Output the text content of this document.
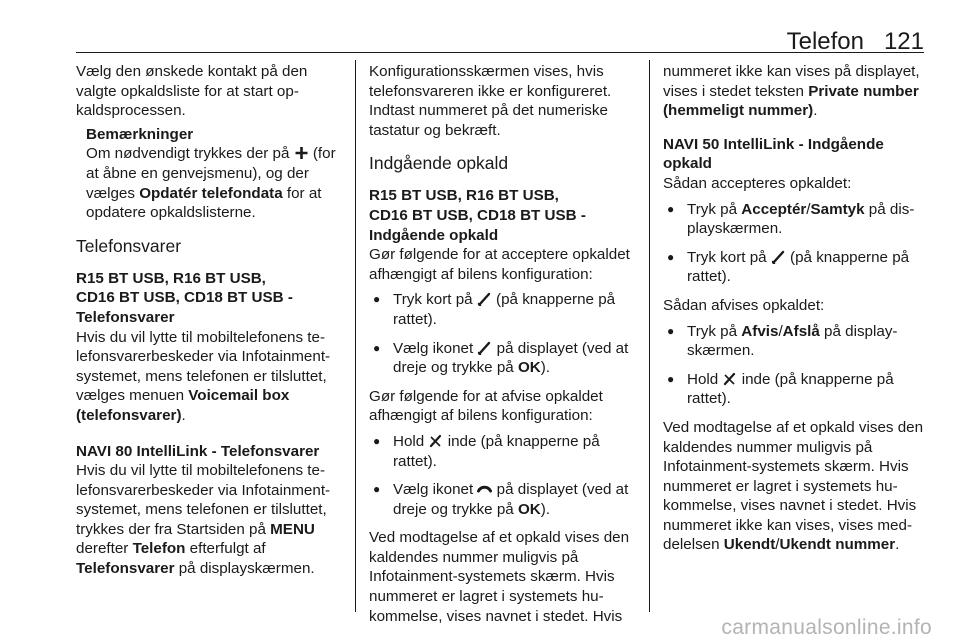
Telefon 121

Vælg den ønskede kontakt på den valgte opkaldsliste for at start opkaldsprocessen.

Bemærkninger
Om nødvendigt trykkes der på
(for at åbne en genvejsmenu), og der vælges Opdatér telefondata for at opdatere opkaldslisterne.
Telefonsvarer
R15 BT USB, R16 BT USB,
CD16 BT USB, CD18 BT USB -
Telefonsvarer

Hvis du vil lytte til mobiltelefonens telefonsvarerbeskeder via Infotainment-systemet, mens telefonen er tilsluttet, vælges menuen Voicemail box (telefonsvarer).

NAVI 80 IntelliLink - Telefonsvarer

Hvis du vil lytte til mobiltelefonens telefonsvarerbeskeder via Infotainment-systemet, mens telefonen er tilsluttet, trykkes der fra Startsiden på MENU derefter Telefon efterfulgt af Telefonsvarer på displayskærmen.

Konfigurationsskærmen vises, hvis telefonsvareren ikke er konfigureret. Indtast nummeret på det numeriske tastatur og bekræft.

Indgående opkald
R15 BT USB, R16 BT USB,
CD16 BT USB, CD18 BT USB -
Indgående opkald

Gør følgende for at acceptere opkaldet afhængigt af bilens konfiguration:

● Tryk kort på
(på knapperne på rattet).
● Vælg ikonet
på displayet (ved at dreje og trykke på OK).

Gør følgende for at afvise opkaldet afhængigt af bilens konfiguration:

● Hold
inde (på knapperne på rattet).
● Vælg ikonet
på displayet (ved at dreje og trykke på OK).

Ved modtagelse af et opkald vises den kaldendes nummer muligvis på Infotainment-systemets skærm. Hvis nummeret er lagret i systemets hukommelse, vises navnet i stedet. Hvis

nummeret ikke kan vises på displayet, vises i stedet teksten Private number (hemmeligt nummer).

NAVI 50 IntelliLink - Indgående
opkald

Sådan accepteres opkaldet:

● Tryk på Acceptér/Samtyk på displayskærmen.
● Tryk kort på
(på knapperne på rattet).

Sådan afvises opkaldet:

● Tryk på Afvis/Afslå på displayskærmen.
● Hold
inde (på knapperne på rattet).

Ved modtagelse af et opkald vises den kaldendes nummer muligvis på Infotainment-systemets skærm. Hvis nummeret er lagret i systemets hukommelse, vises navnet i stedet. Hvis nummeret ikke kan vises, vises meddelelsen Ukendt/Ukendt nummer.

carmanualsonline.info
